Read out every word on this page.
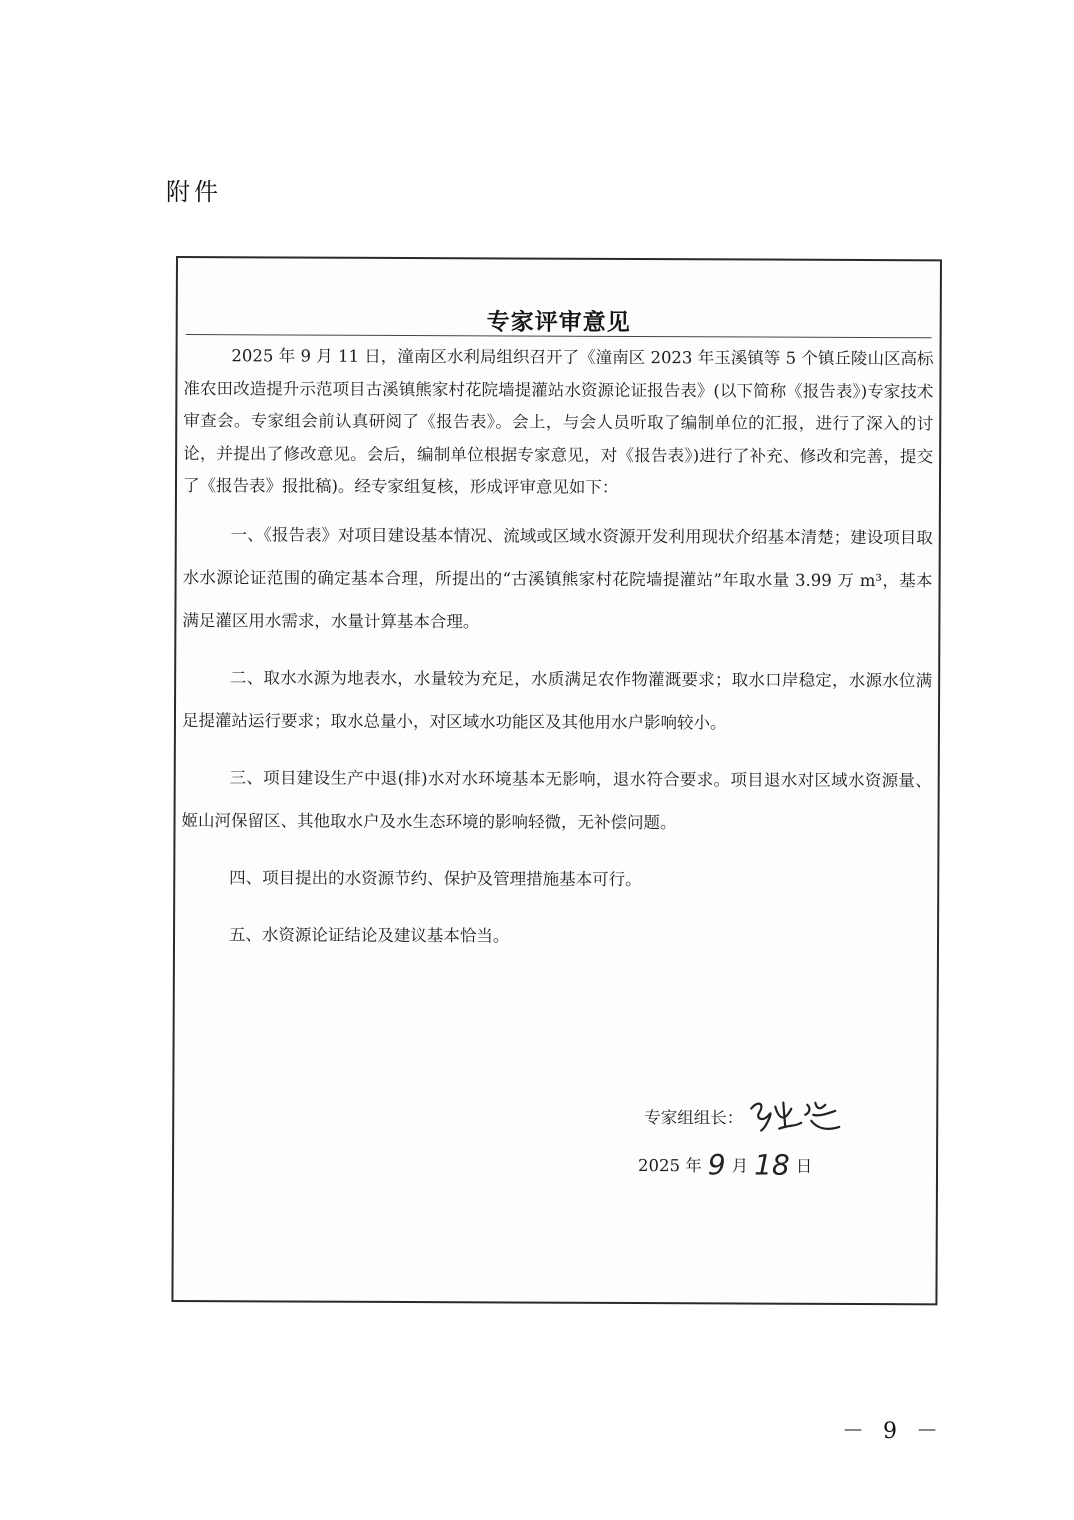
附件
专家评审意见

2025 年 9 月 11 日，潼南区水利局组织召开了《潼南区 2023 年玉溪镇等 5 个镇丘陵山区高标准农田改造提升示范项目古溪镇熊家村花院墙提灌站水资源论证报告表》(以下简称《报告表》)专家技术审查会。专家组会前认真研阅了《报告表》。会上，与会人员听取了编制单位的汇报，进行了深入的讨论，并提出了修改意见。会后，编制单位根据专家意见，对《报告表》)进行了补充、修改和完善，提交了《报告表》报批稿)。经专家组复核，形成评审意见如下：

一、《报告表》对项目建设基本情况、流域或区域水资源开发利用现状介绍基本清楚；建设项目取水水源论证范围的确定基本合理，所提出的“古溪镇熊家村花院墙提灌站”年取水量 3.99 万 m³，基本满足灌区用水需求，水量计算基本合理。

二、取水水源为地表水，水量较为充足，水质满足农作物灌溉要求；取水口岸稳定，水源水位满足提灌站运行要求；取水总量小，对区域水功能区及其他用水户影响较小。

三、项目建设生产中退(排)水对水环境基本无影响，退水符合要求。项目退水对区域水资源量、姬山河保留区、其他取水户及水生态环境的影响轻微，无补偿问题。

四、项目提出的水资源节约、保护及管理措施基本可行。

五、水资源论证结论及建议基本恰当。

专家组组长：
2025 年 9 月 18 日
－ 9 －
